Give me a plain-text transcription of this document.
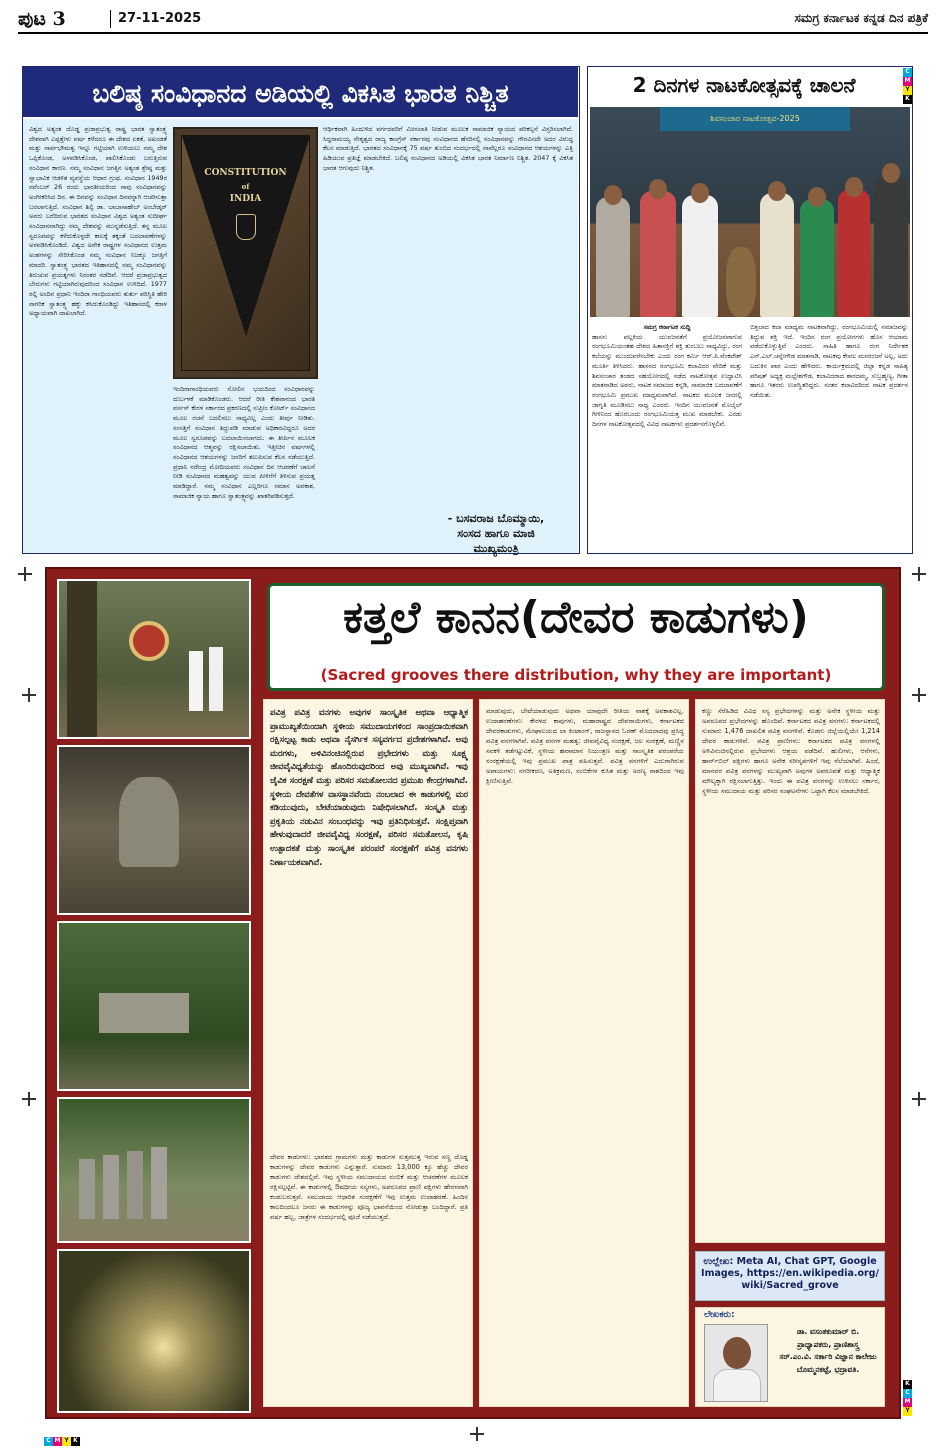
ಪುಟ 3	27-11-2025	ಸಮಗ್ರ ಕರ್ನಾಟಕ ಕನ್ನಡ ದಿನ ಪತ್ರಿಕೆ
C
M
Y
K
K
C
M
Y
C M Y K
ಬಲಿಷ್ಠ ಸಂವಿಧಾನದ ಅಡಿಯಲ್ಲಿ ವಿಕಸಿತ ಭಾರತ ನಿಶ್ಚಿತ
ವಿಶ್ವದ ಅತ್ಯಂತ ದೊಡ್ಡ ಪ್ರಜಾಪ್ರಭುತ್ವ ರಾಷ್ಟ್ರ ಭಾರತ ಸ್ವಾತಂತ್ರ್ಯ ದೇಶವಾಗಿ ಎಪ್ಪತ್ತೇಳು ವರ್ಷ ಕಳೆದರೂ ಈ ದೇಶದ ಏಕತೆ, ಅಖಂಡತೆ ಮತ್ತು ಸಾರ್ವಭೌಮತ್ವ ಇನ್ನೂ ಗಟ್ಟಿಯಾಗಿ ಉಳಿಯಲು ನಮ್ಮ ದೇಶ ಒಪ್ಪಿಕೊಂಡ, ಅಳವಡಿಸಿಕೊಂಡ, ಪಾಲಿಸಿಕೊಂಡು ಬರುತ್ತಿರುವ ಸಂವಿಧಾನ ಕಾರಣ. ನಮ್ಮ ಸಂವಿಧಾನ ಜಗತ್ತಿನ ಅತ್ಯಂತ ಶ್ರೇಷ್ಠ ಮತ್ತು ಸ್ವಾಭಾವಿಕ ಆಡಳಿತ ವ್ಯವಸ್ಥೆಯ ಆಧಾರ ಗ್ರಂಥ. ಸಂವಿಧಾನ 1949ರ ನವೆಂಬರ್ 26 ರಂದು ಭಾರತೀಯರಿಂದ ನಾವು ಸಂವಿಧಾನವನ್ನು ಅಂಗೀಕರಿಸಿದ ದಿನ. ಈ ದಿನವನ್ನು ಸಂವಿಧಾನ ದಿನವನ್ನಾಗಿ ಆಚರಿಸುತ್ತಾ ಬರಲಾಗುತ್ತಿದೆ. ಸಂವಿಧಾನ ಶಿಲ್ಪಿ ಡಾ. ಬಾಬಾಸಾಹೇಬ್ ಅಂಬೇಡ್ಕರ್ ಅವರು ಬರೆದಿರುವ ಭಾರತದ ಸಂವಿಧಾನ ವಿಶ್ವದ ಅತ್ಯಂತ ಸುದೀರ್ಘ ಸಂವಿಧಾನವಾಗಿದ್ದು ನಮ್ಮ ದೇಶವನ್ನು ಮುನ್ನಡೆಸುತ್ತಿದೆ. ತನ್ನ ಮೂಲ ಸ್ವರೂಪವನ್ನು ಕಳೆದುಕೊಳ್ಳದೇ ಕಾಲಕ್ಕೆ ತಕ್ಕಂತೆ ಬದಲಾವಣೆಗಳನ್ನು ಅಳವಡಿಸಿಕೊಂಡಿದೆ. ವಿಶ್ವದ ಅನೇಕ ರಾಷ್ಟ್ರಗಳ ಸಂವಿಧಾನದ ಉತ್ತಮ ಅಂಶಗಳನ್ನು ಸೇರಿಸಿಕೊಂಡ ನಮ್ಮ ಸಂವಿಧಾನ ನಿಜಕ್ಕೂ ಜಗತ್ತಿಗೆ ಮಾದರಿ. ಸ್ವಾತಂತ್ರ್ಯ ಭಾರತದ ಇತಿಹಾಸದಲ್ಲಿ ನಮ್ಮ ಸಂವಿಧಾನವನ್ನು ತಿರುಚುವ ಪ್ರಯತ್ನಗಳು ನಿರಂತರ ನಡೆದಿವೆ. ಆದರೆ ಪ್ರಜಾಪ್ರಭುತ್ವದ ಬೇರುಗಳು ಗಟ್ಟಿಯಾಗಿರುವುದರಿಂದ ಸಂವಿಧಾನ ಉಳಿದಿದೆ. 1977 ರಲ್ಲಿ ಅಂದಿನ ಪ್ರಧಾನಿ ಇಂದಿರಾ ಗಾಂಧಿಯವರು ತುರ್ತು ಪರಿಸ್ಥಿತಿ ಹೇರಿ ನಾಗರಿಕ ಸ್ವಾತಂತ್ರ್ಯ ಹಕ್ಕು ಕಸಿದುಕೊಂಡಿದ್ದು ಇತಿಹಾಸದಲ್ಲಿ ಕರಾಳ ಅಧ್ಯಾಯವಾಗಿ ದಾಖಲಾಗಿದೆ.
CONSTITUTION
of
INDIA
ಇಂದಿರಾಗಾಂಧಿಯವರು ಸೋಲಿನ ಭಯದಿಂದ ಸಂವಿಧಾನವನ್ನು ದುರ್ಬಳಕೆ ಮಾಡಿಕೊಂಡರು. ಆದರೆ ರೀತಿ ಕೇಶವಾನಂದ ಭಾರತಿ ವರ್ಸಸ್ ಕೇರಳ ಸರ್ಕಾರದ ಪ್ರಕರಣದಲ್ಲಿ ಸುಪ್ರೀಂ ಕೋರ್ಟ್ ಸಂವಿಧಾನದ ಮೂಲ ರಚನೆ ಬದಲಿಸಲು ಸಾಧ್ಯವಿಲ್ಲ ಎಂದು ತೀರ್ಪು ನೀಡಿತು. ಸಂಸತ್ತಿಗೆ ಸಂವಿಧಾನ ತಿದ್ದುಪಡಿ ಮಾಡುವ ಅಧಿಕಾರವಿದ್ದರೂ ಅದರ ಮೂಲ ಸ್ವರೂಪವನ್ನು ಬದಲಾಯಿಸಲಾಗದು. ಈ ತೀರ್ಪಿನ ಮೂಲಕ ಸಂವಿಧಾನದ ಆತ್ಮವನ್ನು ರಕ್ಷಿಸಲಾಯಿತು. ಇತ್ತೀಚಿನ ವರ್ಷಗಳಲ್ಲಿ ಸಂವಿಧಾನದ ಆಶಯಗಳನ್ನು ಜನರಿಗೆ ತಲುಪಿಸುವ ಕೆಲಸ ನಡೆಯುತ್ತಿದೆ. ಪ್ರಧಾನಿ ನರೇಂದ್ರ ಮೋದಿಯವರು ಸಂವಿಧಾನ ದಿನ ಆಚರಣೆಗೆ ಚಾಲನೆ ನೀಡಿ ಸಂವಿಧಾನದ ಮಹತ್ವವನ್ನು ಯುವ ಪೀಳಿಗೆಗೆ ತಿಳಿಸುವ ಪ್ರಯತ್ನ ಮಾಡಿದ್ದಾರೆ. ನಮ್ಮ ಸಂವಿಧಾನ ಎಲ್ಲರಿಗೂ ಸಮಾನ ಅವಕಾಶ, ಸಾಮಾಜಿಕ ನ್ಯಾಯ ಹಾಗೂ ಸ್ವಾತಂತ್ರ್ಯವನ್ನು ಖಾತರಿಪಡಿಸುತ್ತದೆ.
ಆರ್ಥಿಕವಾಗಿ ಹಿಂದುಳಿದ ವರ್ಗದವರಿಗೆ ಮೀಸಲಾತಿ ನೀಡುವ ಮೂಲಕ ಸಾಮಾಜಿಕ ನ್ಯಾಯದ ಪರಿಕಲ್ಪನೆ ವಿಸ್ತರಿಸಲಾಗಿದೆ. ಸಿದ್ದರಾಮಯ್ಯ ನೇತೃತ್ವದ ರಾಜ್ಯ ಕಾಂಗ್ರೆಸ್ ಸರ್ಕಾರವು ಸಂವಿಧಾನದ ಹೆಸರಿನಲ್ಲಿ ಸಂವಿಧಾನವನ್ನು ಗೌರವಿಸದೇ ಅದರ ವಿರುದ್ಧ ಕೆಲಸ ಮಾಡುತ್ತಿದೆ. ಭಾರತದ ಸಂವಿಧಾನಕ್ಕೆ 75 ವರ್ಷ ತುಂಬಿದ ಸಂದರ್ಭದಲ್ಲಿ ನಾವೆಲ್ಲರೂ ಸಂವಿಧಾನದ ಆಶಯಗಳನ್ನು ಎತ್ತಿ ಹಿಡಿಯುವ ಪ್ರತಿಜ್ಞೆ ಮಾಡಬೇಕಿದೆ. ಬಲಿಷ್ಠ ಸಂವಿಧಾನದ ಅಡಿಯಲ್ಲಿ ವಿಕಸಿತ ಭಾರತ ನಿರ್ಮಾಣ ನಿಶ್ಚಿತ. 2047 ಕ್ಕೆ ವಿಕಸಿತ ಭಾರತ ಆಗುವುದು ನಿಶ್ಚಿತ.
- ಬಸವರಾಜ ಬೊಮ್ಮಾಯಿ,
ಸಂಸದ ಹಾಗೂ ಮಾಜಿ
ಮುಖ್ಯಮಂತ್ರಿ
2 ದಿನಗಳ ನಾಟಕೋತ್ಸವಕ್ಕೆ ಚಾಲನೆ
ಶಿವಸಂಚಾರ ನಾಟಕೋತ್ಸವ-2025
ಸಮಗ್ರ ಕರ್ನಾಟಕ ಸುದ್ದಿ
ಹಾಸನ: ಪಲ್ಲಕಿಯ ಯುವಜನತೆಗೆ ಪ್ರಯೋಜನವಾಗುವ ರಂಗಭೂಮಿಯಂತಹ ದೇಶದ ಹಿತಾಸಕ್ತಿಗೆ ಶಕ್ತಿ ತುಂಬಲು ಸಾಧ್ಯವಿದ್ದು, ರಂಗ ಕಲೆಯನ್ನು ಮುಂದುವರೆಸಬೇಕು ಎಂದು ರಂಗ ಕರ್ಮಿ ಆರ್.ಪಿ.ವೆಂಕಟೇಶ್ ಮೂರ್ತಿ ತಿಳಿಸಿದರು. ಹಾಸನದ ರಂಗಭೂಮಿ ಕಲಾವಿದರ ವೇದಿಕೆ ಮತ್ತು ಶಿವಸಂಚಾರ ತಂಡದ ಸಹಯೋಗದಲ್ಲಿ ನಡೆದ ನಾಟಕೋತ್ಸವ ಉದ್ಘಾಟಿಸಿ ಮಾತನಾಡಿದ ಅವರು, ನಾಟಕ ಸಮಾಜದ ಕನ್ನಡಿ, ಸಾಮಾಜಿಕ ಬದಲಾವಣೆಗೆ ರಂಗಭೂಮಿ ಪ್ರಮುಖ ಮಾಧ್ಯಮವಾಗಿದೆ. ನಾಟಕದ ಮೂಲಕ ಜನರಲ್ಲಿ ಜಾಗೃತಿ ಮೂಡಿಸಲು ಸಾಧ್ಯ ಎಂದರು. ಇಂದಿನ ಯುವಜನತೆ ಮೊಬೈಲ್ ಗೀಳಿನಿಂದ ಹೊರಬಂದು ರಂಗಭೂಮಿಯತ್ತ ಮುಖ ಮಾಡಬೇಕು. ಎರಡು ದಿನಗಳ ನಾಟಕೋತ್ಸವದಲ್ಲಿ ವಿವಿಧ ನಾಟಕಗಳು ಪ್ರದರ್ಶನಗೊಳ್ಳಲಿವೆ.
ಬಿತ್ತಲಾದ ಕಲಾ ಮಾಧ್ಯಮ ನಾಟಕವಾಗಿದ್ದು, ರಂಗಭೂಮಿಯಲ್ಲಿ ಸಮಾಜವನ್ನು ತಿದ್ದುವ ಶಕ್ತಿ ಇದೆ. ಇಂದಿನ ರಂಗ ಪ್ರಯೋಗಗಳು ಹೊಸ ಆಯಾಮ ಪಡೆದುಕೊಳ್ಳುತ್ತಿವೆ ಎಂದರು. ಸಾಹಿತಿ ಹಾಗೂ ರಂಗ ನಿರ್ದೇಶಕ ಎನ್.ಎಲ್.ಚನ್ನೇಗೌಡ ಮಾತನಾಡಿ, ನಾಟಕವು ಕೇವಲ ಮನರಂಜನೆ ಅಲ್ಲ, ಅದು ಬದುಕಿನ ಪಾಠ ಎಂದು ಹೇಳಿದರು. ಕಾರ್ಯಕ್ರಮದಲ್ಲಿ ಜಿಲ್ಲಾ ಕನ್ನಡ ಸಾಹಿತ್ಯ ಪರಿಷತ್ ಅಧ್ಯಕ್ಷ ಮಲ್ಲೇಶಗೌಡ, ಕಲಾವಿದರಾದ ಶಾರದಮ್ಮ, ಸುಬ್ರಹ್ಮಣ್ಯ, ಗೀತಾ ಹಾಗೂ ಇತರರು ಉಪಸ್ಥಿತರಿದ್ದರು. ನಂತರ ಕಲಾವಿದರಿಂದ ನಾಟಕ ಪ್ರದರ್ಶನ ನಡೆಯಿತು.
ಕತ್ತಲೆ ಕಾನನ(ದೇವರ ಕಾಡುಗಳು)
(Sacred grooves there distribution, why they are important)
ಪವಿತ್ರ ಪವಿತ್ರ ವನಗಳು ಅವುಗಳ ಸಾಂಸ್ಕೃತಿಕ ಅಥವಾ ಆಧ್ಯಾತ್ಮಿಕ ಪ್ರಾಮುಖ್ಯತೆಯಿಂದಾಗಿ ಸ್ಥಳೀಯ ಸಮುದಾಯಗಳಿಂದ ಸಾಂಪ್ರದಾಯಿಕವಾಗಿ ರಕ್ಷಿಸಲ್ಪಟ್ಟ ಕಾಡು ಅಥವಾ ನೈಸರ್ಗಿಕ ಸಸ್ಯವರ್ಗದ ಪ್ರದೇಶಗಳಾಗಿವೆ. ಅವು ಮರಗಳು, ಅಳಿವಿನಂಚಿನಲ್ಲಿರುವ ಪ್ರಭೇದಗಳು ಮತ್ತು ಸೂಕ್ಷ್ಮ ಜೀವವೈವಿಧ್ಯತೆಯನ್ನು ಹೊಂದಿರುವುದರಿಂದ ಅವು ಮುಖ್ಯವಾಗಿವೆ. ಇವು ಜೈವಿಕ ಸಂರಕ್ಷಣೆ ಮತ್ತು ಪರಿಸರ ಸಮತೋಲನದ ಪ್ರಮುಖ ಕೇಂದ್ರಗಳಾಗಿವೆ. ಸ್ಥಳೀಯ ದೇವತೆಗಳ ವಾಸಸ್ಥಾನವೆಂದು ನಂಬಲಾದ ಈ ಕಾಡುಗಳಲ್ಲಿ ಮರ ಕಡಿಯುವುದು, ಬೇಟೆಯಾಡುವುದು ನಿಷೇಧಿಸಲಾಗಿದೆ. ಸಂಸ್ಕೃತಿ ಮತ್ತು ಪ್ರಕೃತಿಯ ನಡುವಿನ ಸಂಬಂಧವನ್ನು ಇವು ಪ್ರತಿನಿಧಿಸುತ್ತವೆ. ಸಂಕ್ಷಿಪ್ತವಾಗಿ ಹೇಳುವುದಾದರೆ ಜೀವವೈವಿಧ್ಯ ಸಂರಕ್ಷಣೆ, ಪರಿಸರ ಸಮತೋಲನ, ಕೃಷಿ ಉತ್ಪಾದಕತೆ ಮತ್ತು ಸಾಂಸ್ಕೃತಿಕ ಪರಂಪರೆ ಸಂರಕ್ಷಣೆಗೆ ಪವಿತ್ರ ವನಗಳು ನಿರ್ಣಾಯಕವಾಗಿವೆ.
ದೇವರ ಕಾಡುಗಳು: ಭಾರತದ ಗ್ರಾಮಗಳು ಮತ್ತು ಕಾಡುಗಳ ಸುತ್ತಮುತ್ತ ಇರುವ ಸಣ್ಣ ದೊಡ್ಡ ಕಾಡುಗಳನ್ನು ದೇವರ ಕಾಡುಗಳು ಎನ್ನುತ್ತಾರೆ. ಸುಮಾರು 13,000 ಕ್ಕೂ ಹೆಚ್ಚು ದೇವರ ಕಾಡುಗಳು ದೇಶದಲ್ಲಿವೆ. ಇವು ಸ್ಥಳೀಯ ಸಮುದಾಯದ ನಂಬಿಕೆ ಮತ್ತು ಆಚರಣೆಗಳ ಮೂಲಕ ರಕ್ಷಿಸಲ್ಪಟ್ಟಿವೆ. ಈ ಕಾಡುಗಳಲ್ಲಿ ಔಷಧೀಯ ಸಸ್ಯಗಳು, ಅಪರೂಪದ ಪ್ರಾಣಿ ಪಕ್ಷಿಗಳು ಹೇರಳವಾಗಿ ಕಂಡುಬರುತ್ತವೆ. ಸಮುದಾಯ ಆಧಾರಿತ ಸಂರಕ್ಷಣೆಗೆ ಇವು ಉತ್ತಮ ಉದಾಹರಣೆ. ಹಿಂದಿನ ಕಾಲದಿಂದಲೂ ಜನರು ಈ ಕಾಡುಗಳನ್ನು ಪೂಜ್ಯ ಭಾವನೆಯಿಂದ ನೋಡುತ್ತಾ ಬಂದಿದ್ದಾರೆ. ಪ್ರತಿ ವರ್ಷ ಹಬ್ಬ, ಜಾತ್ರೆಗಳ ಸಂದರ್ಭದಲ್ಲಿ ಪೂಜೆ ನಡೆಯುತ್ತದೆ.
ಮಾಡುವುದು, ಬೇಟೆಯಾಡುವುದು ಅಥವಾ ಯಾವುದೇ ರೀತಿಯ ನಾಶಕ್ಕೆ ಅವಕಾಶವಿಲ್ಲ. ಉದಾಹರಣೆಗಳು: ಕೇರಳದ ಕಾವುಗಳು, ಮಹಾರಾಷ್ಟ್ರದ ದೇವರಾಯಿಗಳು, ಕರ್ನಾಟಕದ ದೇವರಕಾಡುಗಳು, ಮೇಘಾಲಯದ ಲಾ ಕಿಂಟಾಂಗ್, ರಾಜಸ್ಥಾನದ ಓರಣ್ ಮೊದಲಾದವು ಪ್ರಸಿದ್ಧ ಪವಿತ್ರ ವನಗಳಾಗಿವೆ. ಪವಿತ್ರ ವನಗಳ ಮಹತ್ವ: ಜೀವವೈವಿಧ್ಯ ಸಂರಕ್ಷಣೆ, ಜಲ ಸಂರಕ್ಷಣೆ, ಮಣ್ಣಿನ ಸವಕಳಿ ತಡೆಗಟ್ಟುವಿಕೆ, ಸ್ಥಳೀಯ ಹವಾಮಾನ ನಿಯಂತ್ರಣ ಮತ್ತು ಸಾಂಸ್ಕೃತಿಕ ಪರಂಪರೆಯ ಸಂರಕ್ಷಣೆಯಲ್ಲಿ ಇವು ಪ್ರಮುಖ ಪಾತ್ರ ವಹಿಸುತ್ತವೆ. ಪವಿತ್ರ ವನಗಳಿಗೆ ಎದುರಾಗಿರುವ ಅಪಾಯಗಳು: ನಗರೀಕರಣ, ಅತಿಕ್ರಮಣ, ನಂಬಿಕೆಗಳ ಕುಸಿತ ಮತ್ತು ಅರಣ್ಯ ನಾಶದಿಂದ ಇವು ಕ್ಷೀಣಿಸುತ್ತಿವೆ.
ಕಣ್ಣು ಸೆರೆಹಿಡಿದ ವಿವಿಧ ಸಸ್ಯ ಪ್ರಭೇದಗಳನ್ನು ಮತ್ತು ಅನೇಕ ಸ್ಥಳೀಯ ಮತ್ತು ಅಪರೂಪದ ಪ್ರಭೇದಗಳನ್ನು ಹೊಂದಿವೆ. ಕರ್ನಾಟಕದ ಪವಿತ್ರ ವನಗಳು: ಕರ್ನಾಟಕದಲ್ಲಿ ಸುಮಾರು 1,476 ದಾಖಲಿತ ಪವಿತ್ರ ವನಗಳಿವೆ. ಕೊಡಗು ಜಿಲ್ಲೆಯಲ್ಲಿಯೇ 1,214 ದೇವರ ಕಾಡುಗಳಿವೆ. ಪವಿತ್ರ ಪ್ರಾಣಿಗಳು: ಕರ್ನಾಟಕದ ಪವಿತ್ರ ವನಗಳಲ್ಲಿ ಅಳಿವಿನಂಚಿನಲ್ಲಿರುವ ಪ್ರಭೇದಗಳು ಆಶ್ರಯ ಪಡೆದಿವೆ. ಹುಲಿಗಳು, ಆನೆಗಳು, ಹಾರ್ನ್‌ಬಿಲ್ ಪಕ್ಷಿಗಳು ಹಾಗೂ ಅನೇಕ ಸರೀಸೃಪಗಳಿಗೆ ಇವು ನೆಲೆಯಾಗಿವೆ. ಹಿಂದೆ, ಮಾನವರ ಪವಿತ್ರ ವನಗಳನ್ನು ಮುಖ್ಯವಾಗಿ ಅವುಗಳ ಅಪರೂಪತೆ ಮತ್ತು ಆಧ್ಯಾತ್ಮಿಕ ಮೌಲ್ಯಕ್ಕಾಗಿ ರಕ್ಷಿಸಲಾಗುತ್ತಿತ್ತು. ಇಂದು ಈ ಪವಿತ್ರ ವನಗಳನ್ನು ಉಳಿಸಲು ಸರ್ಕಾರ, ಸ್ಥಳೀಯ ಸಮುದಾಯ ಮತ್ತು ಪರಿಸರ ಸಂಘಟನೆಗಳು ಒಟ್ಟಾಗಿ ಕೆಲಸ ಮಾಡಬೇಕಿದೆ.
ಉಲ್ಲೇಖ: Meta AI, Chat GPT, Google Images, https://en.wikipedia.org/ wiki/Sacred_grove
ಲೇಖಕರು:
ಡಾ. ವಸಂತಕುಮಾರ್ ಬಿ.
ಪ್ರಾಧ್ಯಾಪಕರು, ಪ್ರಾಣಿಶಾಸ್ತ್ರ
ಸರ್.ಎಂ.ವಿ. ಸರ್ಕಾರಿ ವಿಜ್ಞಾನ ಕಾಲೇಜು
ಬೊಮ್ಮನಕಟ್ಟೆ, ಭದ್ರಾವತಿ.
